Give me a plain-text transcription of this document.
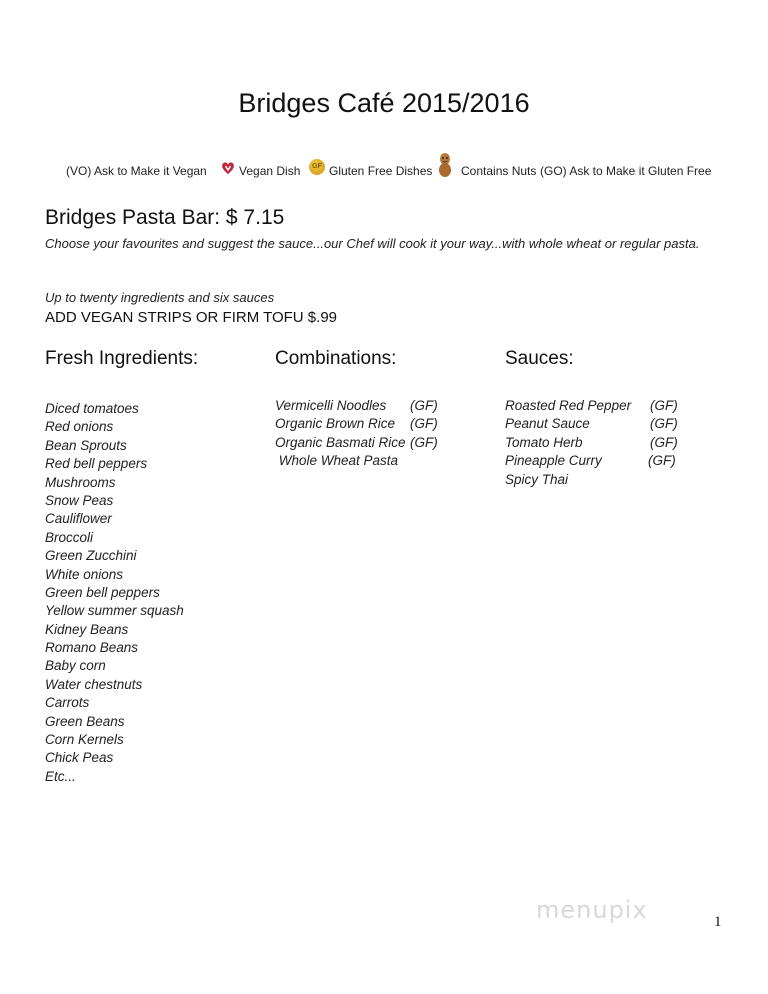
Bridges Café 2015/2016
(VO) Ask to Make it Vegan	Vegan Dish	GF Gluten Free Dishes Contains Nuts (GO) Ask to Make it Gluten Free
Bridges Pasta Bar: $ 7.15
Choose your favourites and suggest the sauce...our Chef will cook it your way...with whole wheat or regular pasta.
Up to twenty ingredients and six sauces
ADD VEGAN STRIPS OR FIRM TOFU $.99
Fresh Ingredients:
Diced tomatoes
Red onions
Bean Sprouts
Red bell peppers
Mushrooms
Snow Peas
Cauliflower
Broccoli
Green Zucchini
White onions
Green bell peppers
Yellow summer squash
Kidney Beans
Romano Beans
Baby corn
Water chestnuts
Carrots
Green Beans
Corn Kernels
Chick Peas
Etc...
Combinations:
Vermicelli Noodles (GF)
Organic Brown Rice (GF)
Organic Basmati Rice (GF)
Whole Wheat Pasta
Sauces:
Roasted Red Pepper (GF)
Peanut Sauce	(GF)
Tomato Herb	(GF)
Pineapple Curry	(GF)
Spicy Thai
menupix	1
